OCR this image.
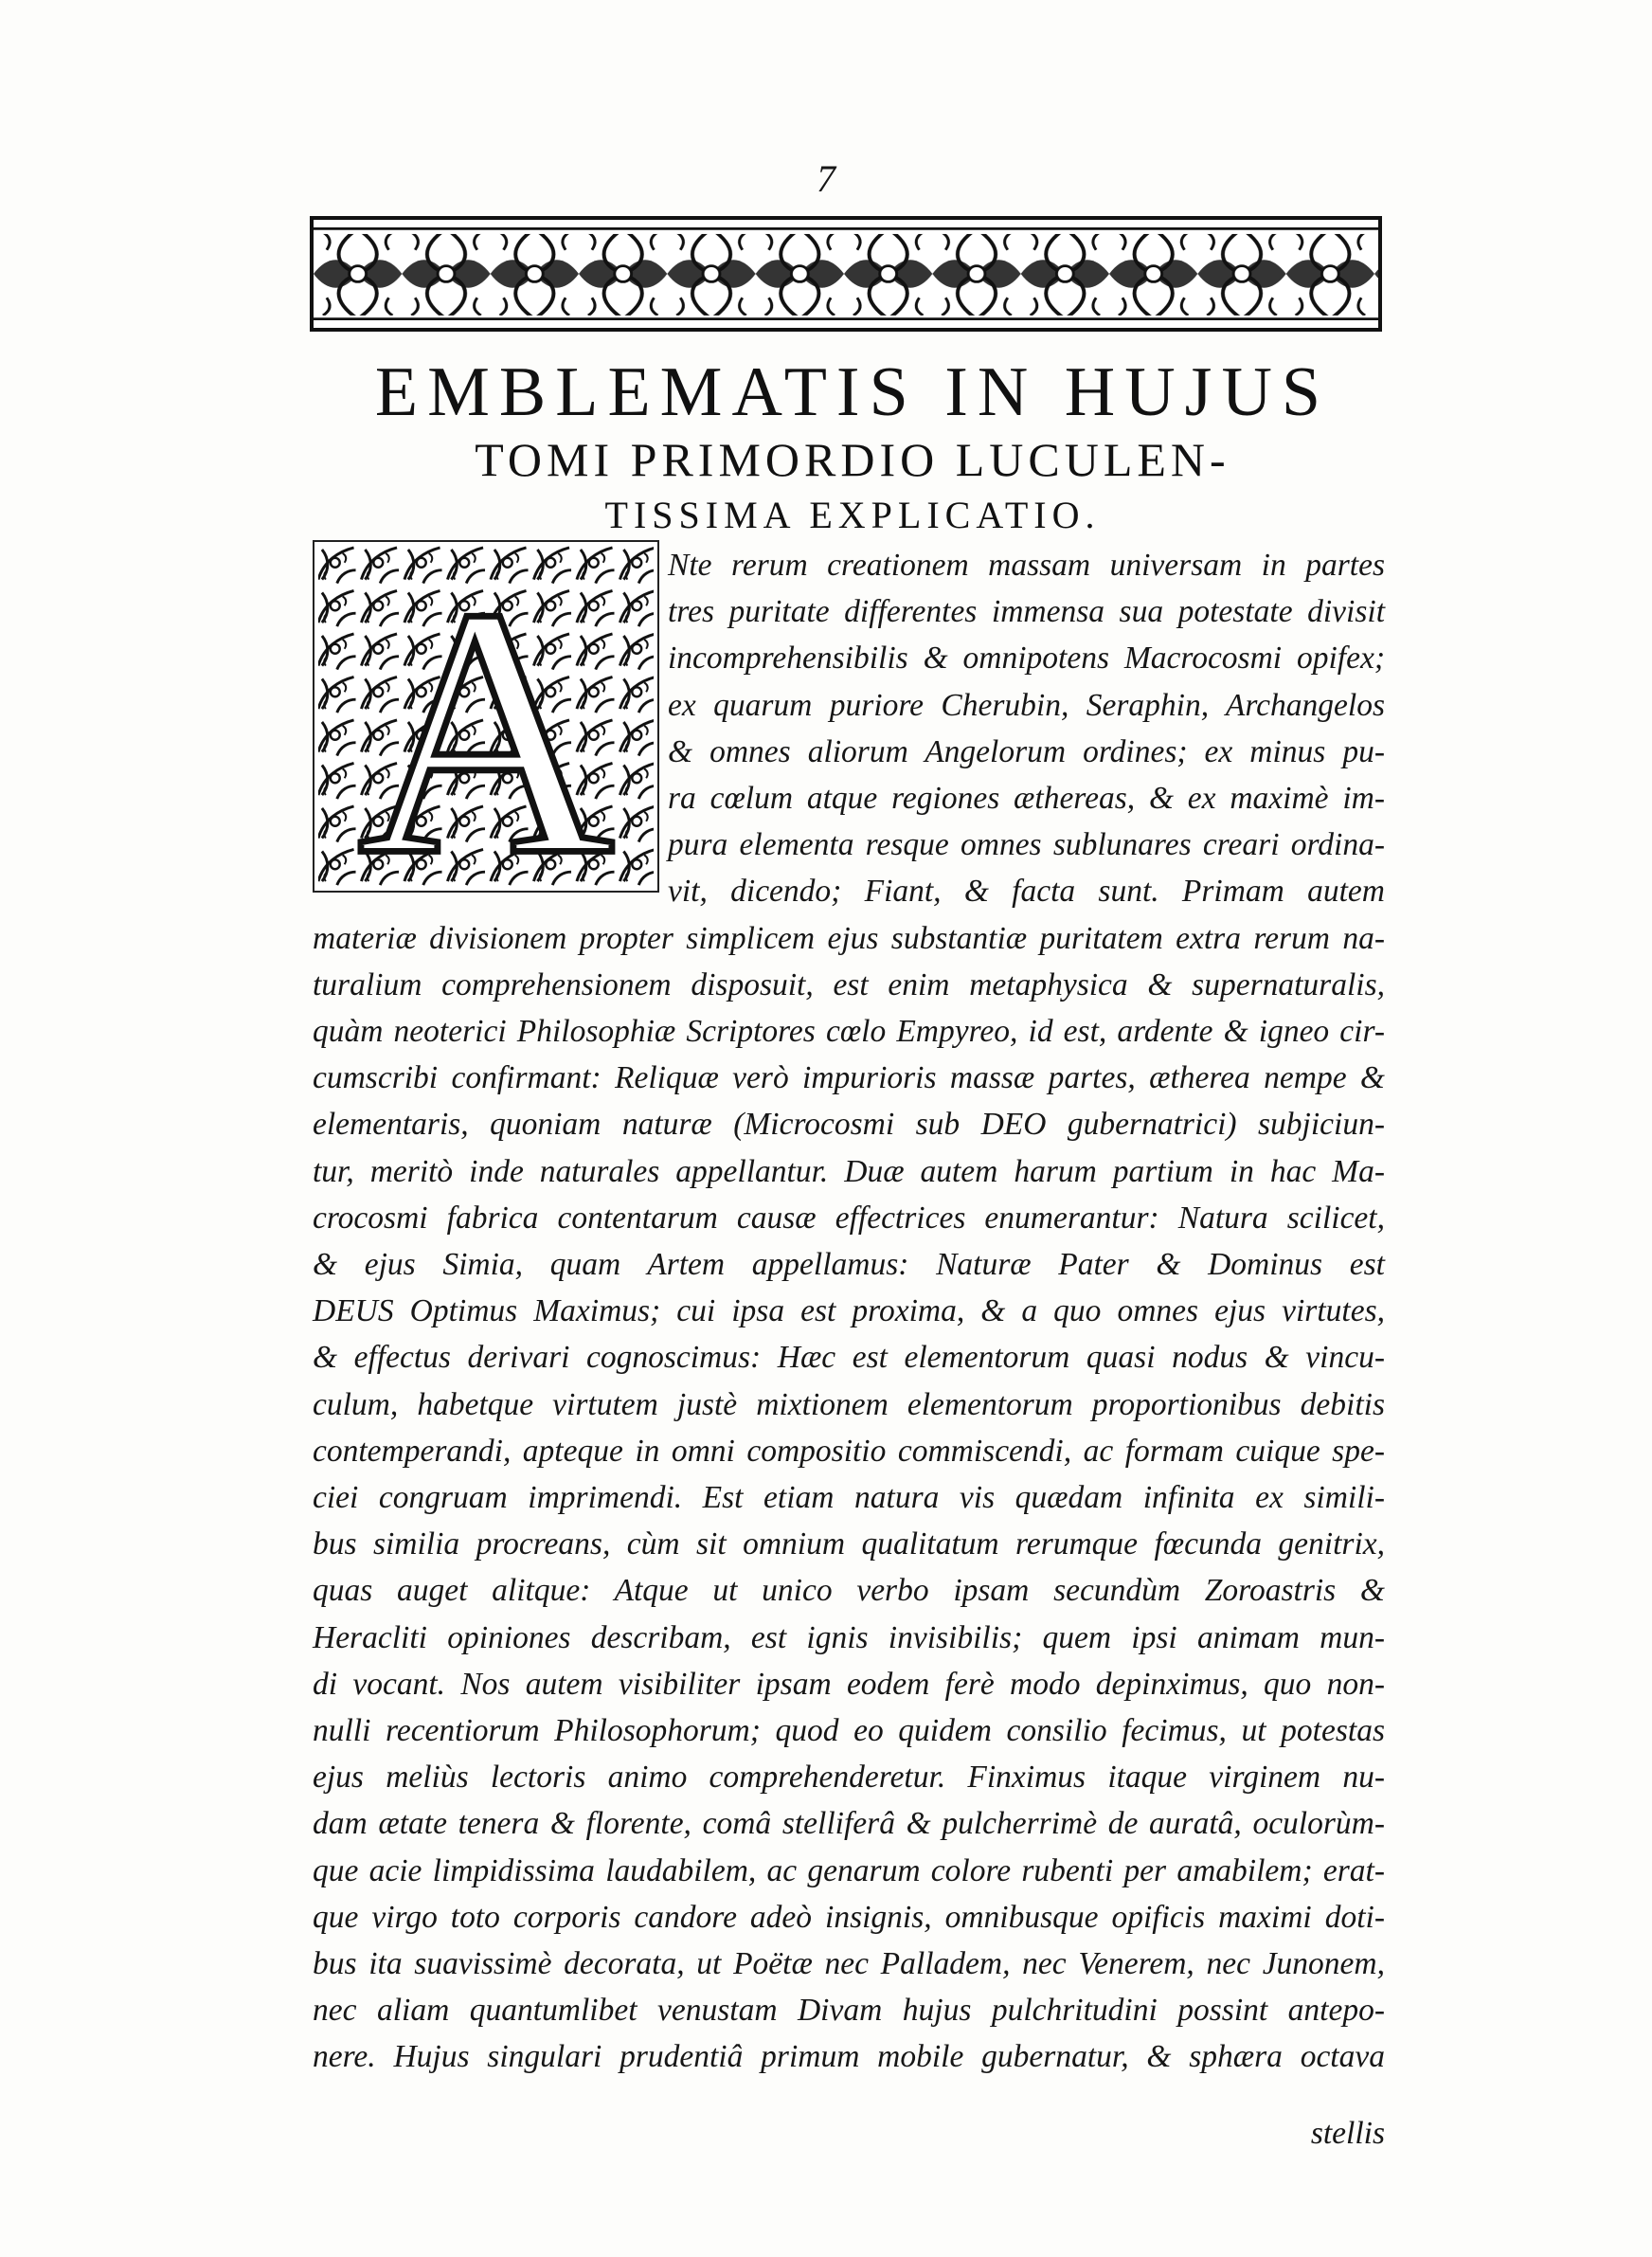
7
EMBLEMATIS IN HUJUS
TOMI PRIMORDIO LUCULEN-
TISSIMA EXPLICATIO.
A Nte rerum creationem massam universam in partes
tres puritate differentes immensa sua potestate divisit
incomprehensibilis & omnipotens Macrocosmi opifex;
ex quarum puriore Cherubin, Seraphin, Archangelos
& omnes aliorum Angelorum ordines; ex minus pu-
ra cœlum atque regiones æthereas, & ex maximè im-
pura elementa resque omnes sublunares creari ordina-
vit, dicendo; Fiant, & facta sunt. Primam autem
materiæ divisionem propter simplicem ejus substantiæ puritatem extra rerum na-
turalium comprehensionem disposuit, est enim metaphysica & supernaturalis,
quàm neoterici Philosophiæ Scriptores cœlo Empyreo, id est, ardente & igneo cir-
cumscribi confirmant: Reliquæ verò impurioris massæ partes, ætherea nempe &
elementaris, quoniam naturæ (Microcosmi sub DEO gubernatrici) subjiciun-
tur, meritò inde naturales appellantur. Duæ autem harum partium in hac Ma-
crocosmi fabrica contentarum causæ effectrices enumerantur: Natura scilicet,
& ejus Simia, quam Artem appellamus: Naturæ Pater & Dominus est
DEUS Optimus Maximus; cui ipsa est proxima, & a quo omnes ejus virtutes,
& effectus derivari cognoscimus: Hæc est elementorum quasi nodus & vincu-
culum, habetque virtutem justè mixtionem elementorum proportionibus debitis
contemperandi, apteque in omni compositio commiscendi, ac formam cuique spe-
ciei congruam imprimendi. Est etiam natura vis quædam infinita ex simili-
bus similia procreans, cùm sit omnium qualitatum rerumque fœcunda genitrix,
quas auget alitque: Atque ut unico verbo ipsam secundùm Zoroastris &
Heracliti opiniones describam, est ignis invisibilis; quem ipsi animam mun-
di vocant. Nos autem visibiliter ipsam eodem ferè modo depinximus, quo non-
nulli recentiorum Philosophorum; quod eo quidem consilio fecimus, ut potestas
ejus meliùs lectoris animo comprehenderetur. Finximus itaque virginem nu-
dam ætate tenera & florente, comâ stelliferâ & pulcherrimè de auratâ, oculorùm-
que acie limpidissima laudabilem, ac genarum colore rubenti per amabilem; erat-
que virgo toto corporis candore adeò insignis, omnibusque opificis maximi doti-
bus ita suavissimè decorata, ut Poëtæ nec Palladem, nec Venerem, nec Junonem,
nec aliam quantumlibet venustam Divam hujus pulchritudini possint antepo-
nere. Hujus singulari prudentiâ primum mobile gubernatur, & sphæra octava
stellis
